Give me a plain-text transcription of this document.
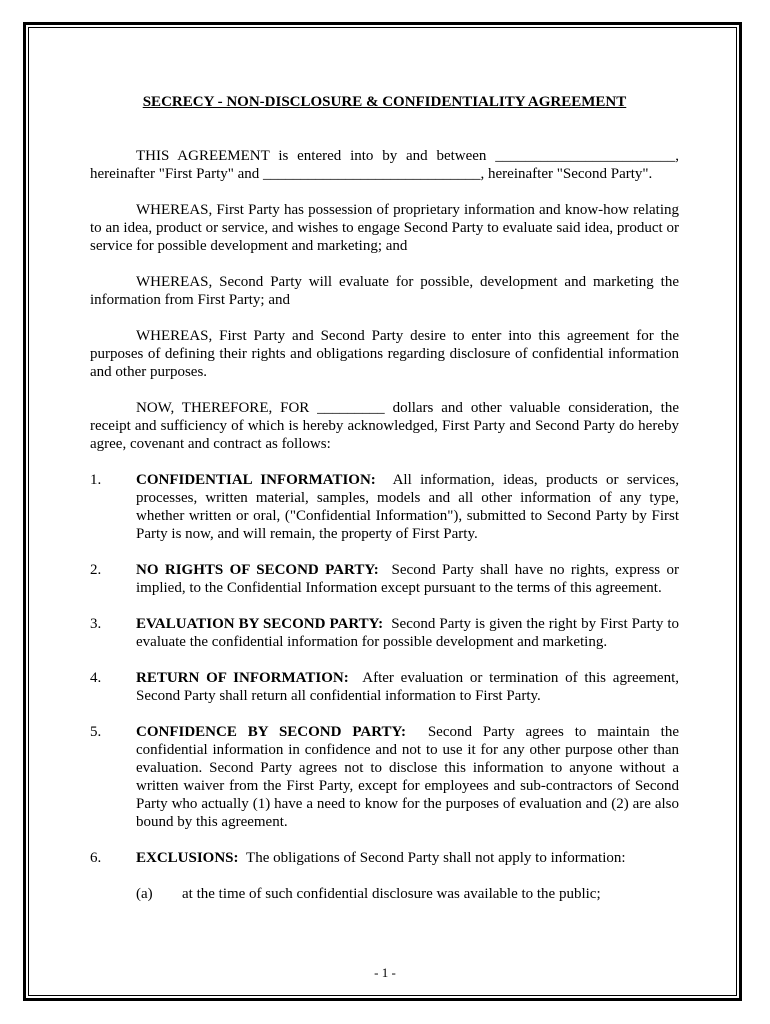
SECRECY - NON-DISCLOSURE & CONFIDENTIALITY AGREEMENT

THIS AGREEMENT is entered into by and between ________________________, hereinafter "First Party" and _____________________________, hereinafter "Second Party".

WHEREAS, First Party has possession of proprietary information and know-how relating to an idea, product or service, and wishes to engage Second Party to evaluate said idea, product or service for possible development and marketing; and

WHEREAS, Second Party will evaluate for possible, development and marketing the information from First Party; and

WHEREAS, First Party and Second Party desire to enter into this agreement for the purposes of defining their rights and obligations regarding disclosure of confidential information and other purposes.

NOW, THEREFORE, FOR _________ dollars and other valuable consideration, the receipt and sufficiency of which is hereby acknowledged, First Party and Second Party do hereby agree, covenant and contract as follows:

1. CONFIDENTIAL INFORMATION: All information, ideas, products or services, processes, written material, samples, models and all other information of any type, whether written or oral, ("Confidential Information"), submitted to Second Party by First Party is now, and will remain, the property of First Party.

2. NO RIGHTS OF SECOND PARTY: Second Party shall have no rights, express or implied, to the Confidential Information except pursuant to the terms of this agreement.

3. EVALUATION BY SECOND PARTY: Second Party is given the right by First Party to evaluate the confidential information for possible development and marketing.

4. RETURN OF INFORMATION: After evaluation or termination of this agreement, Second Party shall return all confidential information to First Party.

5. CONFIDENCE BY SECOND PARTY: Second Party agrees to maintain the confidential information in confidence and not to use it for any other purpose other than evaluation. Second Party agrees not to disclose this information to anyone without a written waiver from the First Party, except for employees and sub-contractors of Second Party who actually (1) have a need to know for the purposes of evaluation and (2) are also bound by this agreement.

6. EXCLUSIONS: The obligations of Second Party shall not apply to information:

(a) at the time of such confidential disclosure was available to the public;

- 1 -
